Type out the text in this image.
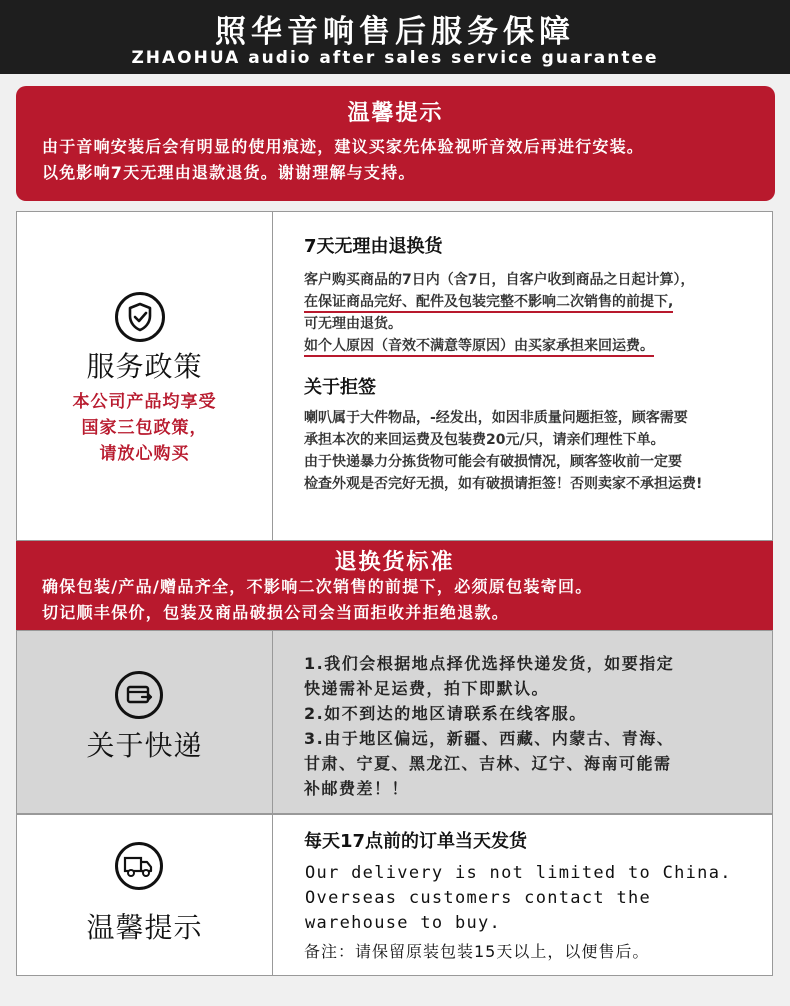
照华音响售后服务保障
ZHAOHUA audio after sales service guarantee
温馨提示
由于音响安装后会有明显的使用痕迹，建议买家先体验视听音效后再进行安装。
以免影响7天无理由退款退货。谢谢理解与支持。
服务政策
本公司产品均享受
国家三包政策，
请放心购买
7天无理由退换货
客户购买商品的7日内（含7日，自客户收到商品之日起计算），
在保证商品完好、配件及包装完整不影响二次销售的前提下,
可无理由退货。
如个人原因（音效不满意等原因）由买家承担来回运费。
关于拒签
喇叭属于大件物品，-经发出，如因非质量问题拒签，顾客需要
承担本次的来回运费及包装费20元/只，请亲们理性下单。
由于快递暴力分拣货物可能会有破损情况，顾客签收前一定要
检查外观是否完好无损，如有破损请拒签！否则卖家不承担运费!
退换货标准
确保包装/产品/赠品齐全，不影响二次销售的前提下，必须原包装寄回。
切记顺丰保价，包装及商品破损公司会当面拒收并拒绝退款。
关于快递
1.我们会根据地点择优选择快递发货，如要指定
快递需补足运费，拍下即默认。
2.如不到达的地区请联系在线客服。
3.由于地区偏远，新疆、西藏、内蒙古、青海、
甘肃、宁夏、黑龙江、吉林、辽宁、海南可能需
补邮费差！！
温馨提示
每天17点前的订单当天发货
Our delivery is not limited to China.
Overseas customers contact the
warehouse to buy.
备注：请保留原装包装15天以上，以便售后。
